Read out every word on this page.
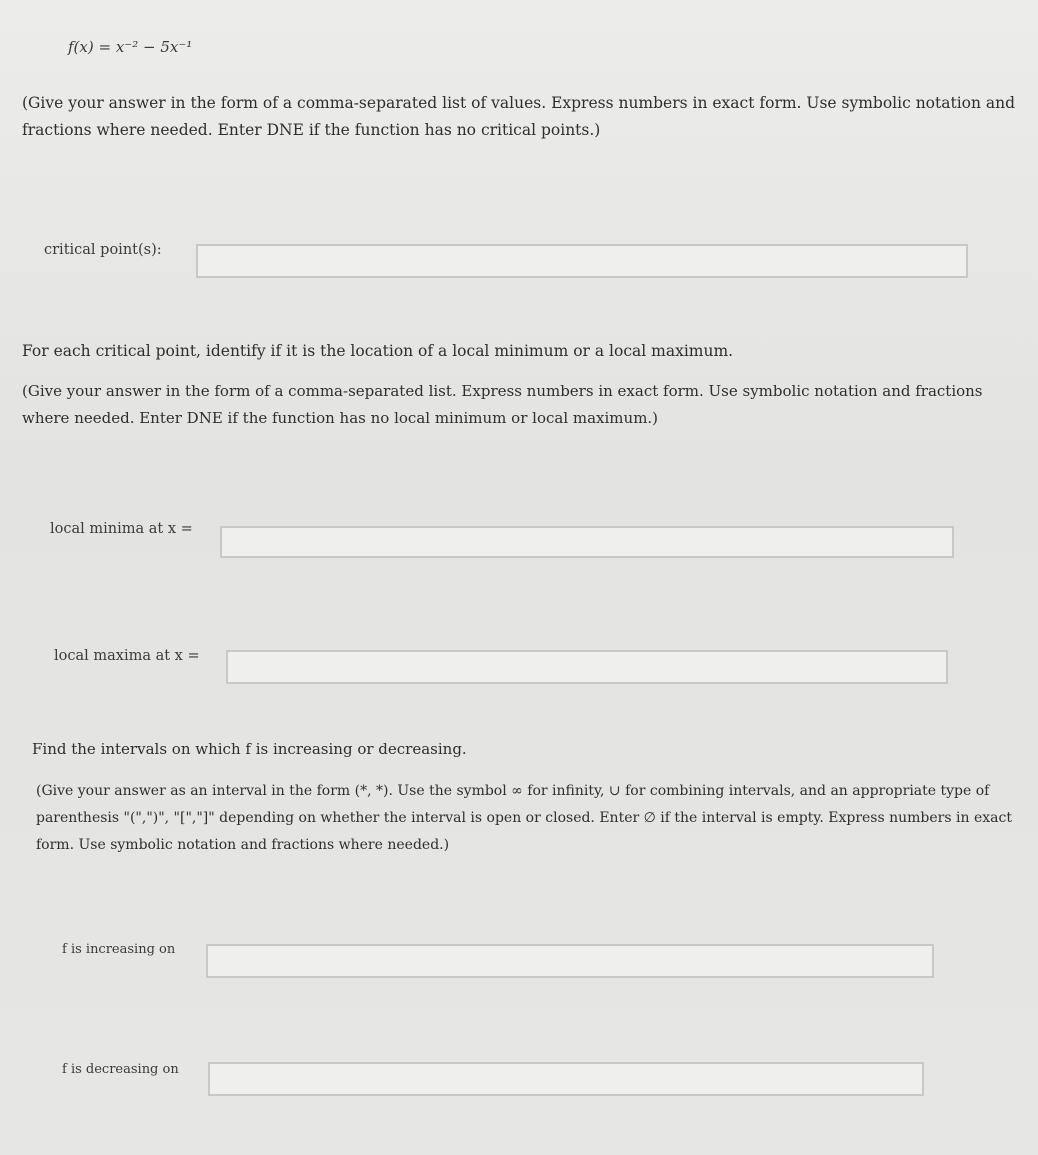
f(x) = x⁻² − 5x⁻¹
(Give your answer in the form of a comma-separated list of values. Express numbers in exact form. Use symbolic notation and fractions where needed. Enter DNE if the function has no critical points.)
critical point(s):
For each critical point, identify if it is the location of a local minimum or a local maximum.
(Give your answer in the form of a comma-separated list. Express numbers in exact form. Use symbolic notation and fractions where needed. Enter DNE if the function has no local minimum or local maximum.)
local minima at x =
local maxima at x =
Find the intervals on which f is increasing or decreasing.
(Give your answer as an interval in the form (*, *). Use the symbol ∞ for infinity, ∪ for combining intervals, and an appropriate type of parenthesis "(",")", "[","]" depending on whether the interval is open or closed. Enter ∅ if the interval is empty. Express numbers in exact form. Use symbolic notation and fractions where needed.)
f is increasing on
f is decreasing on
